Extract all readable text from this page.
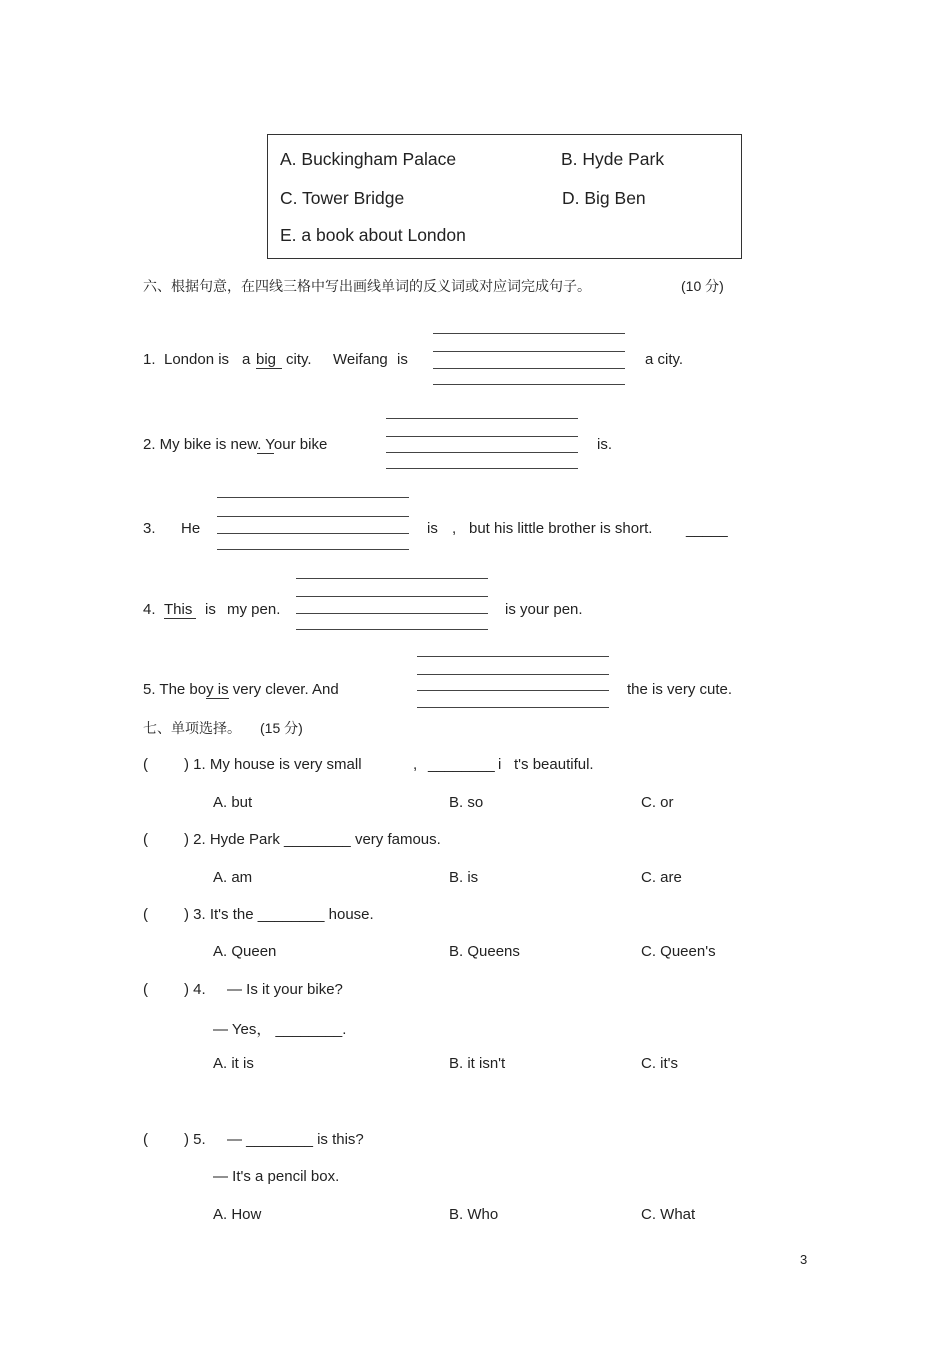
A. Buckingham Palace	B. Hyde Park
C. Tower Bridge	D. Big Ben
E. a book about London
六、根据句意，在四线三格中写出画线单词的反义词或对应词完成句子。	(10 分)
1. London is a big city. Weifang is	a city.
2. My bike is new. Your bike	is.
3. He	is , but his little brother is short. _____
4. This is my pen.	is your pen.
5. The boy is very clever. And	the is very cute.
七、单项选择。 (15 分)
( ) 1. My house is very small	, ________ i t's beautiful.
A. but	B. so	C. or
( ) 2. Hyde Park ________ very famous.
A. am	B. is	C. are
( ) 3. It's the ________ house.
A. Queen	B. Queens	C. Queen's
( ) 4. — Is it your bike?
— Yes， ________.
A. it is	B. it isn't	C. it's
( ) 5. — ________ is this?
— It's a pencil box.
A. How	B. Who	C. What
3
